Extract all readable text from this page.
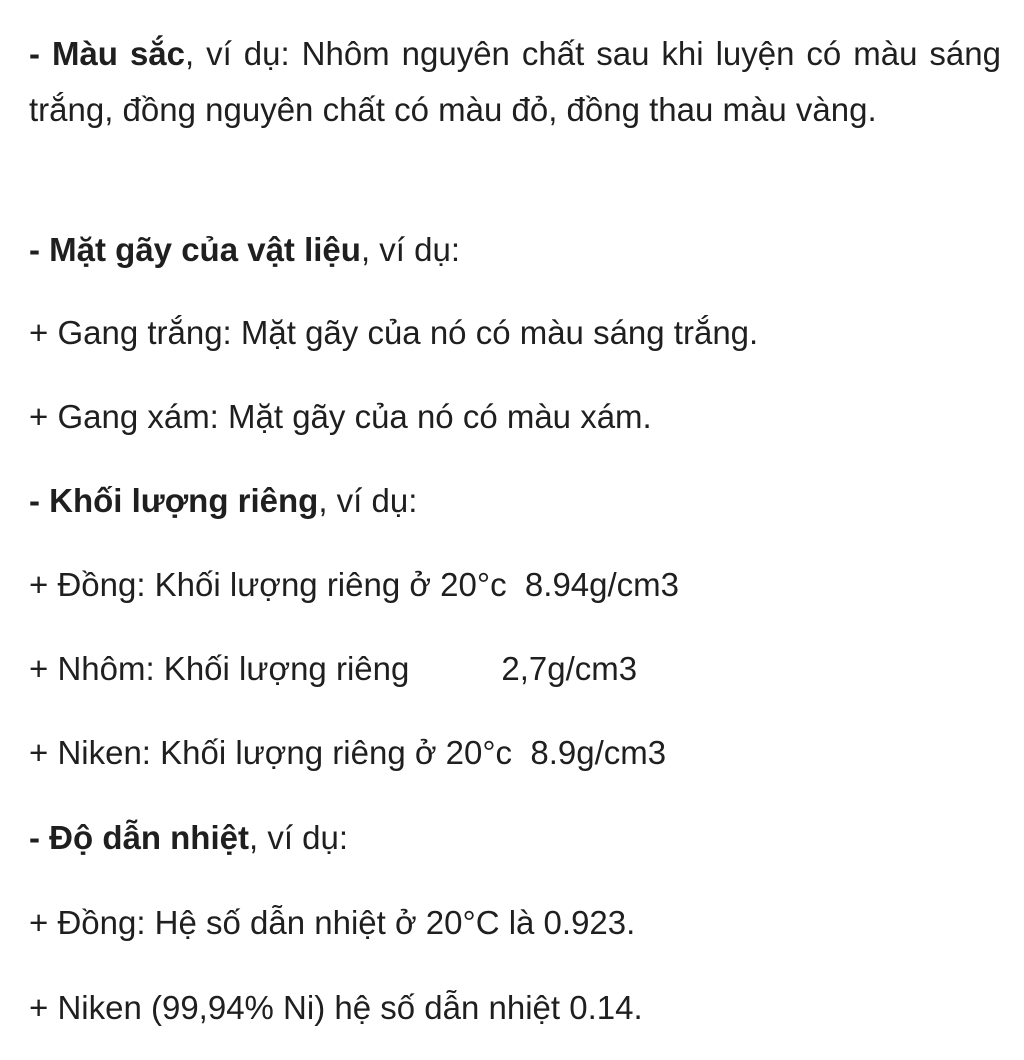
- Màu sắc, ví dụ: Nhôm nguyên chất sau khi luyện có màu sáng trắng, đồng nguyên chất có màu đỏ, đồng thau màu vàng.
- Mặt gãy của vật liệu, ví dụ:
+ Gang trắng: Mặt gãy của nó có màu sáng trắng.
+ Gang xám: Mặt gãy của nó có màu xám.
- Khối lượng riêng, ví dụ:
+ Đồng: Khối lượng riêng ở 20°c  8.94g/cm3
+ Nhôm: Khối lượng riêng	2,7g/cm3
+ Niken: Khối lượng riêng ở 20°c  8.9g/cm3
- Độ dẫn nhiệt, ví dụ:
+ Đồng: Hệ số dẫn nhiệt ở 20°C là 0.923.
+ Niken (99,94% Ni) hệ số dẫn nhiệt 0.14.
